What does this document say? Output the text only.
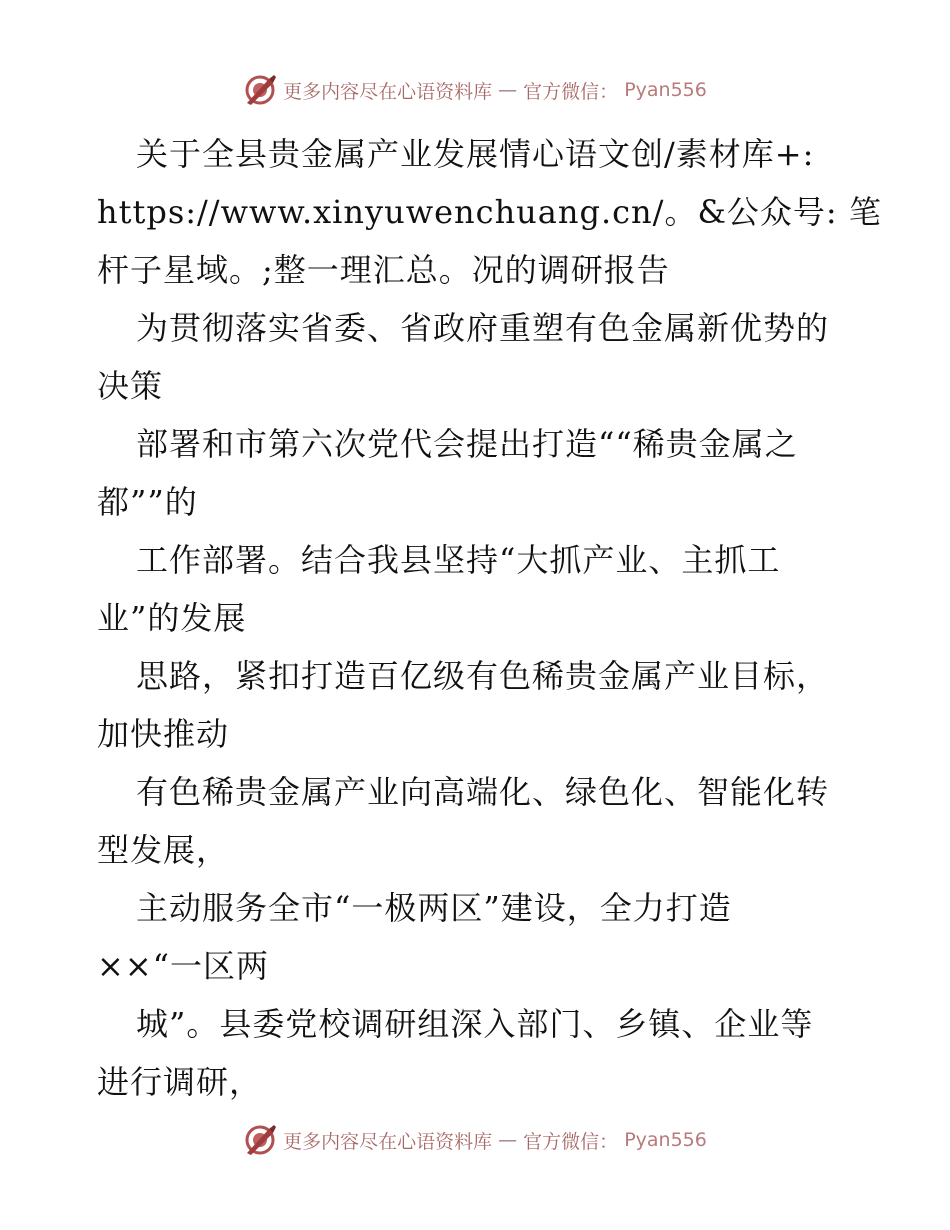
更多内容尽在心语资料库 — 官方微信： Pyan556
关于全县贵金属产业发展情心语文创/素材库+:
https://www.xinyuwenchuang.cn/。&公众号: 笔
杆子星域。;整一理汇总。况的调研报告
为贯彻落实省委、省政府重塑有色金属新优势的
决策
部署和市第六次党代会提出打造““稀贵金属之
都””的
工作部署。结合我县坚持“大抓产业、主抓工
业”的发展
思路，紧扣打造百亿级有色稀贵金属产业目标，
加快推动
有色稀贵金属产业向高端化、绿色化、智能化转
型发展，
主动服务全市“一极两区”建设，全力打造
××“一区两
城”。县委党校调研组深入部门、乡镇、企业等
进行调研，
更多内容尽在心语资料库 — 官方微信： Pyan556
